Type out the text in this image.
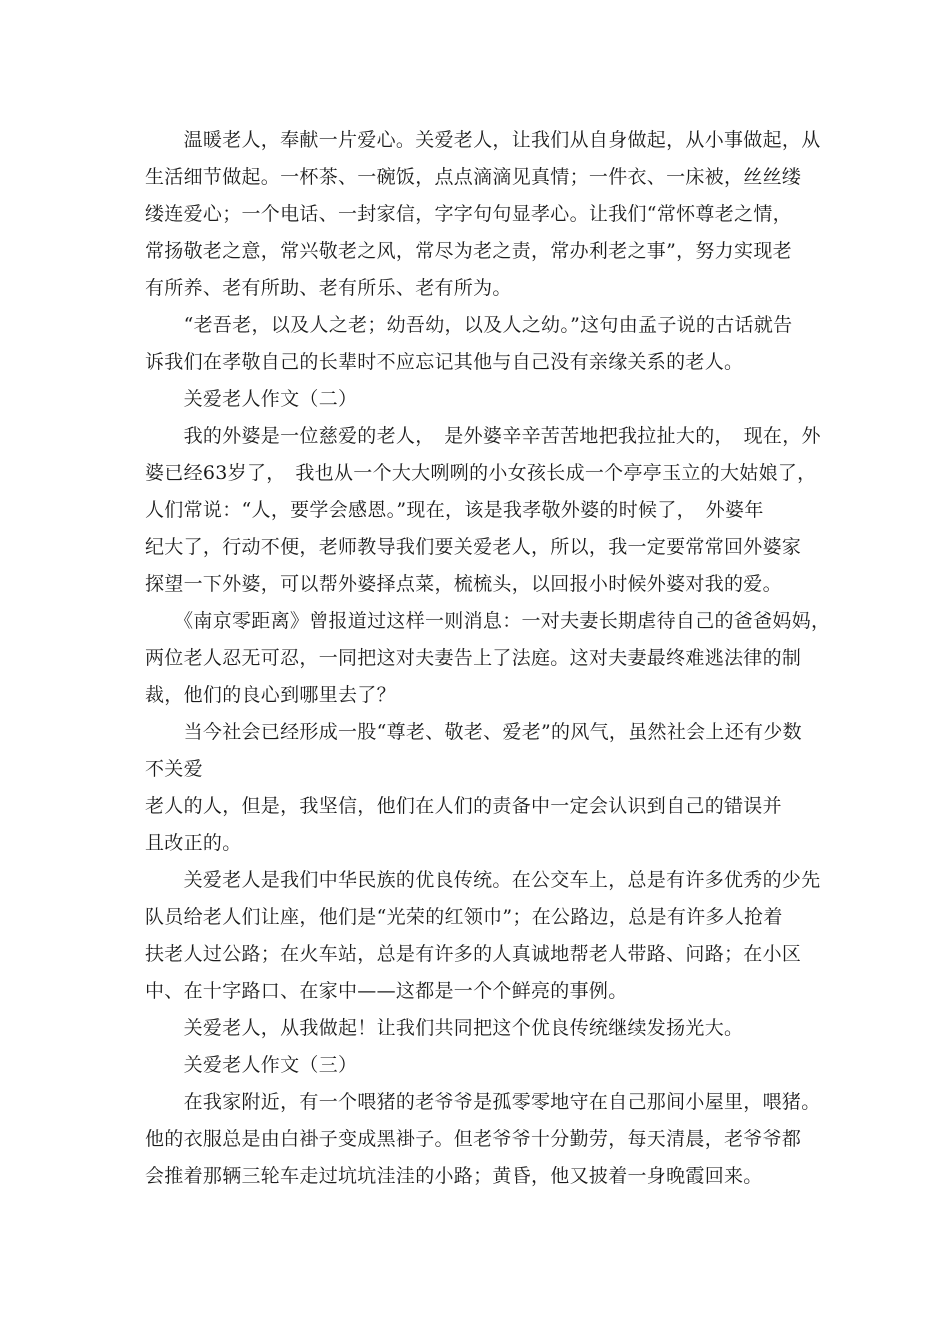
　　温暖老人，奉献一片爱心。关爱老人，让我们从自身做起，从小事做起，从
生活细节做起。一杯茶、一碗饭，点点滴滴见真情；一件衣、一床被，丝丝缕
缕连爱心；一个电话、一封家信，字字句句显孝心。让我们“常怀尊老之情，
常扬敬老之意，常兴敬老之风，常尽为老之责，常办利老之事”，努力实现老
有所养、老有所助、老有所乐、老有所为。
　　“老吾老，以及人之老；幼吾幼，以及人之幼。”这句由孟子说的古话就告
诉我们在孝敬自己的长辈时不应忘记其他与自己没有亲缘关系的老人。
　　关爱老人作文（二）
　　我的外婆是一位慈爱的老人，　是外婆辛辛苦苦地把我拉扯大的，　现在，外
婆已经63岁了，　我也从一个大大咧咧的小女孩长成一个亭亭玉立的大姑娘了，
人们常说：“人，要学会感恩。”现在，该是我孝敬外婆的时候了，　外婆年
纪大了，行动不便，老师教导我们要关爱老人，所以，我一定要常常回外婆家
探望一下外婆，可以帮外婆择点菜，梳梳头，以回报小时候外婆对我的爱。
　　《南京零距离》曾报道过这样一则消息：一对夫妻长期虐待自己的爸爸妈妈，
两位老人忍无可忍，一同把这对夫妻告上了法庭。这对夫妻最终难逃法律的制
裁，他们的良心到哪里去了？
　　当今社会已经形成一股“尊老、敬老、爱老”的风气，虽然社会上还有少数
不关爱
老人的人，但是，我坚信，他们在人们的责备中一定会认识到自己的错误并
且改正的。
　　关爱老人是我们中华民族的优良传统。在公交车上，总是有许多优秀的少先
队员给老人们让座，他们是“光荣的红领巾”；在公路边，总是有许多人抢着
扶老人过公路；在火车站，总是有许多的人真诚地帮老人带路、问路；在小区
中、在十字路口、在家中——这都是一个个鲜亮的事例。
　　关爱老人，从我做起！让我们共同把这个优良传统继续发扬光大。
　　关爱老人作文（三）
　　在我家附近，有一个喂猪的老爷爷是孤零零地守在自己那间小屋里，喂猪。
他的衣服总是由白褂子变成黑褂子。但老爷爷十分勤劳，每天清晨，老爷爷都
会推着那辆三轮车走过坑坑洼洼的小路；黄昏，他又披着一身晚霞回来。
